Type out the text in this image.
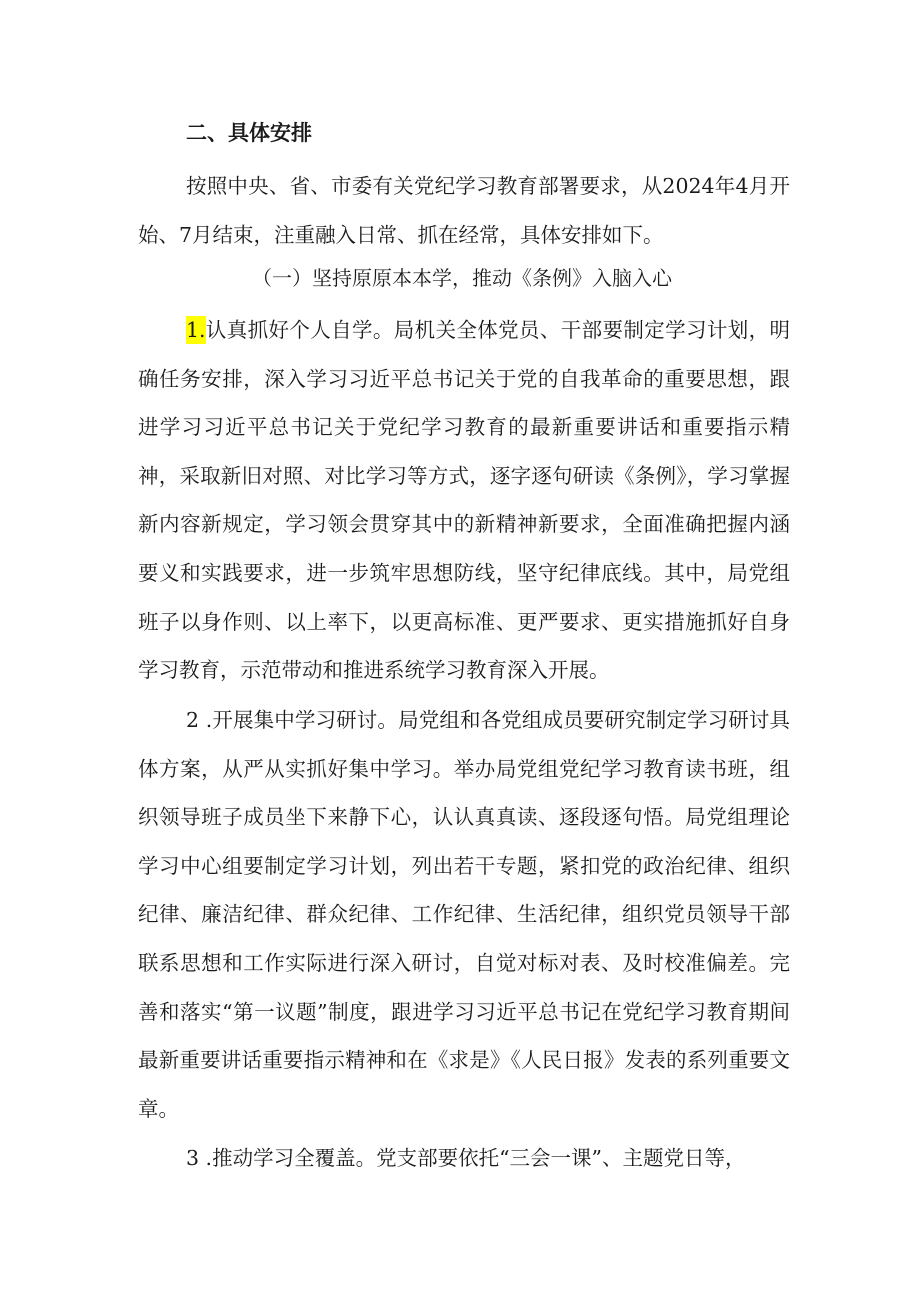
二、具体安排

按照中央、省、市委有关党纪学习教育部署要求，从2024年4月开始、7月结束，注重融入日常、抓在经常，具体安排如下。

（一）坚持原原本本学，推动《条例》入脑入心

1.认真抓好个人自学。局机关全体党员、干部要制定学习计划，明确任务安排，深入学习习近平总书记关于党的自我革命的重要思想，跟进学习习近平总书记关于党纪学习教育的最新重要讲话和重要指示精神，采取新旧对照、对比学习等方式，逐字逐句研读《条例》，学习掌握新内容新规定，学习领会贯穿其中的新精神新要求，全面准确把握内涵要义和实践要求，进一步筑牢思想防线，坚守纪律底线。其中，局党组班子以身作则、以上率下，以更高标准、更严要求、更实措施抓好自身学习教育，示范带动和推进系统学习教育深入开展。

2 .开展集中学习研讨。局党组和各党组成员要研究制定学习研讨具体方案，从严从实抓好集中学习。举办局党组党纪学习教育读书班，组织领导班子成员坐下来静下心，认认真真读、逐段逐句悟。局党组理论学习中心组要制定学习计划，列出若干专题，紧扣党的政治纪律、组织纪律、廉洁纪律、群众纪律、工作纪律、生活纪律，组织党员领导干部联系思想和工作实际进行深入研讨，自觉对标对表、及时校准偏差。完善和落实“第一议题”制度，跟进学习习近平总书记在党纪学习教育期间最新重要讲话重要指示精神和在《求是》《人民日报》发表的系列重要文章。

3 .推动学习全覆盖。党支部要依托“三会一课”、主题党日等，
